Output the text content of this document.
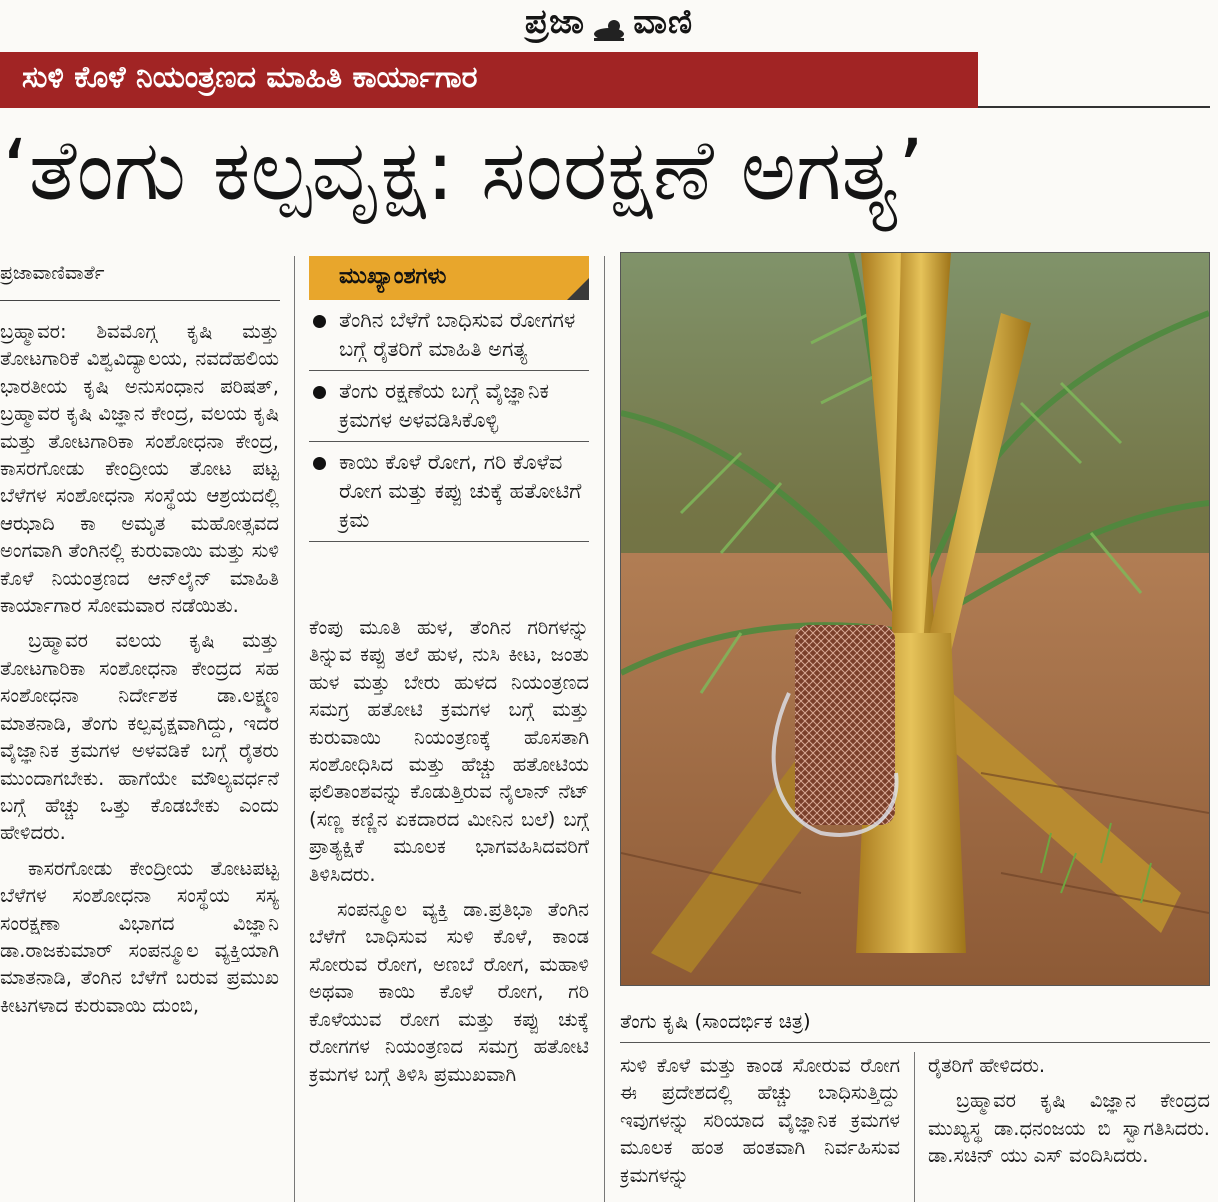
ಪ್ರಜಾ ವಾಣಿ
ಸುಳಿ ಕೊಳೆ ನಿಯಂತ್ರಣದ ಮಾಹಿತಿ ಕಾರ್ಯಾಗಾರ
‘ತೆಂಗು ಕಲ್ಪವೃಕ್ಷ: ಸಂರಕ್ಷಣೆ ಅಗತ್ಯ’
ಪ್ರಜಾವಾಣಿವಾರ್ತೆ

ಬ್ರಹ್ಮಾವರ: ಶಿವಮೊಗ್ಗ ಕೃಷಿ ಮತ್ತು ತೋಟಗಾರಿಕೆ ವಿಶ್ವವಿದ್ಯಾಲಯ, ನವದೆಹಲಿಯ ಭಾರತೀಯ ಕೃಷಿ ಅನುಸಂಧಾನ ಪರಿಷತ್, ಬ್ರಹ್ಮಾವರ ಕೃಷಿ ವಿಜ್ಞಾನ ಕೇಂದ್ರ, ವಲಯ ಕೃಷಿ ಮತ್ತು ತೋಟಗಾರಿಕಾ ಸಂಶೋಧನಾ ಕೇಂದ್ರ, ಕಾಸರಗೋಡು ಕೇಂದ್ರೀಯ ತೋಟ ಪಟ್ಟ ಬೆಳೆಗಳ ಸಂಶೋಧನಾ ಸಂಸ್ಥೆಯ ಆಶ್ರಯದಲ್ಲಿ ಆಝಾದಿ ಕಾ ಅಮೃತ ಮಹೋತ್ಸವದ ಅಂಗವಾಗಿ ತೆಂಗಿನಲ್ಲಿ ಕುರುವಾಯಿ ಮತ್ತು ಸುಳಿ ಕೊಳೆ ನಿಯಂತ್ರಣದ ಆನ್‌ಲೈನ್ ಮಾಹಿತಿ ಕಾರ್ಯಾಗಾರ ಸೋಮವಾರ ನಡೆಯಿತು.

ಬ್ರಹ್ಮಾವರ ವಲಯ ಕೃಷಿ ಮತ್ತು ತೋಟಗಾರಿಕಾ ಸಂಶೋಧನಾ ಕೇಂದ್ರದ ಸಹ ಸಂಶೋಧನಾ ನಿರ್ದೇಶಕ ಡಾ.ಲಕ್ಷ್ಮಣ ಮಾತನಾಡಿ, ತೆಂಗು ಕಲ್ಪವೃಕ್ಷವಾಗಿದ್ದು, ಇದರ ವೈಜ್ಞಾನಿಕ ಕ್ರಮಗಳ ಅಳವಡಿಕೆ ಬಗ್ಗೆ ರೈತರು ಮುಂದಾಗಬೇಕು. ಹಾಗೆಯೇ ಮೌಲ್ಯವರ್ಧನೆ ಬಗ್ಗೆ ಹೆಚ್ಚು ಒತ್ತು ಕೊಡಬೇಕು ಎಂದು ಹೇಳಿದರು.

ಕಾಸರಗೋಡು ಕೇಂದ್ರೀಯ ತೋಟಪಟ್ಟ ಬೆಳೆಗಳ ಸಂಶೋಧನಾ ಸಂಸ್ಥೆಯ ಸಸ್ಯ ಸಂರಕ್ಷಣಾ ವಿಭಾಗದ ವಿಜ್ಞಾನಿ ಡಾ.ರಾಜಕುಮಾರ್ ಸಂಪನ್ಮೂಲ ವ್ಯಕ್ತಿಯಾಗಿ ಮಾತನಾಡಿ, ತೆಂಗಿನ ಬೆಳೆಗೆ ಬರುವ ಪ್ರಮುಖ ಕೀಟಗಳಾದ ಕುರುವಾಯಿ ದುಂಬಿ,

ಮುಖ್ಯಾಂಶಗಳು
ತೆಂಗಿನ ಬೆಳೆಗೆ ಬಾಧಿಸುವ ರೋಗಗಳ ಬಗ್ಗೆ ರೈತರಿಗೆ ಮಾಹಿತಿ ಅಗತ್ಯ
ತೆಂಗು ರಕ್ಷಣೆಯ ಬಗ್ಗೆ ವೈಜ್ಞಾನಿಕ ಕ್ರಮಗಳ ಅಳವಡಿಸಿಕೊಳ್ಳಿ
ಕಾಯಿ ಕೊಳೆ ರೋಗ, ಗರಿ ಕೊಳೆವ ರೋಗ ಮತ್ತು ಕಪ್ಪು ಚುಕ್ಕೆ ಹತೋಟಿಗೆ ಕ್ರಮ

ಕೆಂಪು ಮೂತಿ ಹುಳ, ತೆಂಗಿನ ಗರಿಗಳನ್ನು ತಿನ್ನುವ ಕಪ್ಪು ತಲೆ ಹುಳ, ನುಸಿ ಕೀಟ, ಜಂತು ಹುಳ ಮತ್ತು ಬೇರು ಹುಳದ ನಿಯಂತ್ರಣದ ಸಮಗ್ರ ಹತೋಟಿ ಕ್ರಮಗಳ ಬಗ್ಗೆ ಮತ್ತು ಕುರುವಾಯಿ ನಿಯಂತ್ರಣಕ್ಕೆ ಹೊಸತಾಗಿ ಸಂಶೋಧಿಸಿದ ಮತ್ತು ಹೆಚ್ಚು ಹತೋಟಿಯ ಫಲಿತಾಂಶವನ್ನು ಕೊಡುತ್ತಿರುವ ನೈಲಾನ್ ನೆಟ್ (ಸಣ್ಣ ಕಣ್ಣಿನ ಏಕದಾರದ ಮೀನಿನ ಬಲೆ) ಬಗ್ಗೆ ಪ್ರಾತ್ಯಕ್ಷಿಕೆ ಮೂಲಕ ಭಾಗವಹಿಸಿದವರಿಗೆ ತಿಳಿಸಿದರು.

ಸಂಪನ್ಮೂಲ ವ್ಯಕ್ತಿ ಡಾ.ಪ್ರತಿಭಾ ತೆಂಗಿನ ಬೆಳೆಗೆ ಬಾಧಿಸುವ ಸುಳಿ ಕೊಳೆ, ಕಾಂಡ ಸೋರುವ ರೋಗ, ಅಣಬೆ ರೋಗ, ಮಹಾಳಿ ಅಥವಾ ಕಾಯಿ ಕೊಳೆ ರೋಗ, ಗರಿ ಕೊಳೆಯುವ ರೋಗ ಮತ್ತು ಕಪ್ಪು ಚುಕ್ಕೆ ರೋಗಗಳ ನಿಯಂತ್ರಣದ ಸಮಗ್ರ ಹತೋಟಿ ಕ್ರಮಗಳ ಬಗ್ಗೆ ತಿಳಿಸಿ ಪ್ರಮುಖವಾಗಿ

ತೆಂಗು ಕೃಷಿ (ಸಾಂದರ್ಭಿಕ ಚಿತ್ರ)

ಸುಳಿ ಕೊಳೆ ಮತ್ತು ಕಾಂಡ ಸೋರುವ ರೋಗ ಈ ಪ್ರದೇಶದಲ್ಲಿ ಹೆಚ್ಚು ಬಾಧಿಸುತ್ತಿದ್ದು ಇವುಗಳನ್ನು ಸರಿಯಾದ ವೈಜ್ಞಾನಿಕ ಕ್ರಮಗಳ ಮೂಲಕ ಹಂತ ಹಂತವಾಗಿ ನಿರ್ವಹಿಸುವ ಕ್ರಮಗಳನ್ನು

ರೈತರಿಗೆ ಹೇಳಿದರು.

ಬ್ರಹ್ಮಾವರ ಕೃಷಿ ವಿಜ್ಞಾನ ಕೇಂದ್ರದ ಮುಖ್ಯಸ್ಥ ಡಾ.ಧನಂಜಯ ಬಿ ಸ್ವಾಗತಿಸಿದರು. ಡಾ.ಸಚಿನ್ ಯು ಎಸ್ ವಂದಿಸಿದರು.
